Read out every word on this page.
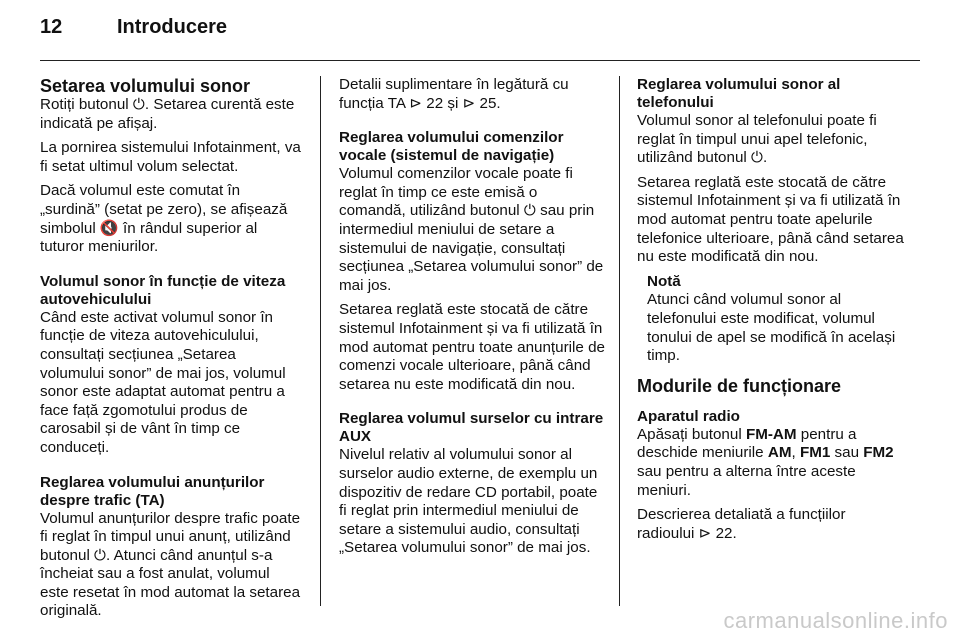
12	Introducere
Setarea volumului sonor

Rotiți butonul ⏻. Setarea curentă este indicată pe afișaj.

La pornirea sistemului Infotainment, va fi setat ultimul volum selectat.

Dacă volumul este comutat în „surdină” (setat pe zero), se afișează simbolul 🔇 în rândul superior al tuturor meniurilor.

Volumul sonor în funcție de viteza autovehiculului

Când este activat volumul sonor în funcție de viteza autovehiculului, consultați secțiunea „Setarea volumului sonor” de mai jos, volumul sonor este adaptat automat pentru a face față zgomotului produs de carosabil și de vânt în timp ce conduceți.

Reglarea volumului anunțurilor despre trafic (TA)

Volumul anunțurilor despre trafic poate fi reglat în timpul unui anunț, utilizând butonul ⏻. Atunci când anunțul s-a încheiat sau a fost anulat, volumul este resetat în mod automat la setarea originală.

Detalii suplimentare în legătură cu funcția TA ⊳ 22 și ⊳ 25.

Reglarea volumului comenzilor vocale (sistemul de navigație)

Volumul comenzilor vocale poate fi reglat în timp ce este emisă o comandă, utilizând butonul ⏻ sau prin intermediul meniului de setare a sistemului de navigație, consultați secțiunea „Setarea volumului sonor” de mai jos.

Setarea reglată este stocată de către sistemul Infotainment și va fi utilizată în mod automat pentru toate anunțurile de comenzi vocale ulterioare, până când setarea nu este modificată din nou.

Reglarea volumul surselor cu intrare AUX

Nivelul relativ al volumului sonor al surselor audio externe, de exemplu un dispozitiv de redare CD portabil, poate fi reglat prin intermediul meniului de setare a sistemului audio, consultați „Setarea volumului sonor” de mai jos.

Reglarea volumului sonor al telefonului

Volumul sonor al telefonului poate fi reglat în timpul unui apel telefonic, utilizând butonul ⏻.

Setarea reglată este stocată de către sistemul Infotainment și va fi utilizată în mod automat pentru toate apelurile telefonice ulterioare, până când setarea nu este modificată din nou.

Notă
Atunci când volumul sonor al telefonului este modificat, volumul tonului de apel se modifică în același timp.
Modurile de funcționare
Aparatul radio

Apăsați butonul FM-AM pentru a deschide meniurile AM, FM1 sau FM2 sau pentru a alterna între aceste meniuri.

Descrierea detaliată a funcțiilor radioului ⊳ 22.

carmanualsonline.info
